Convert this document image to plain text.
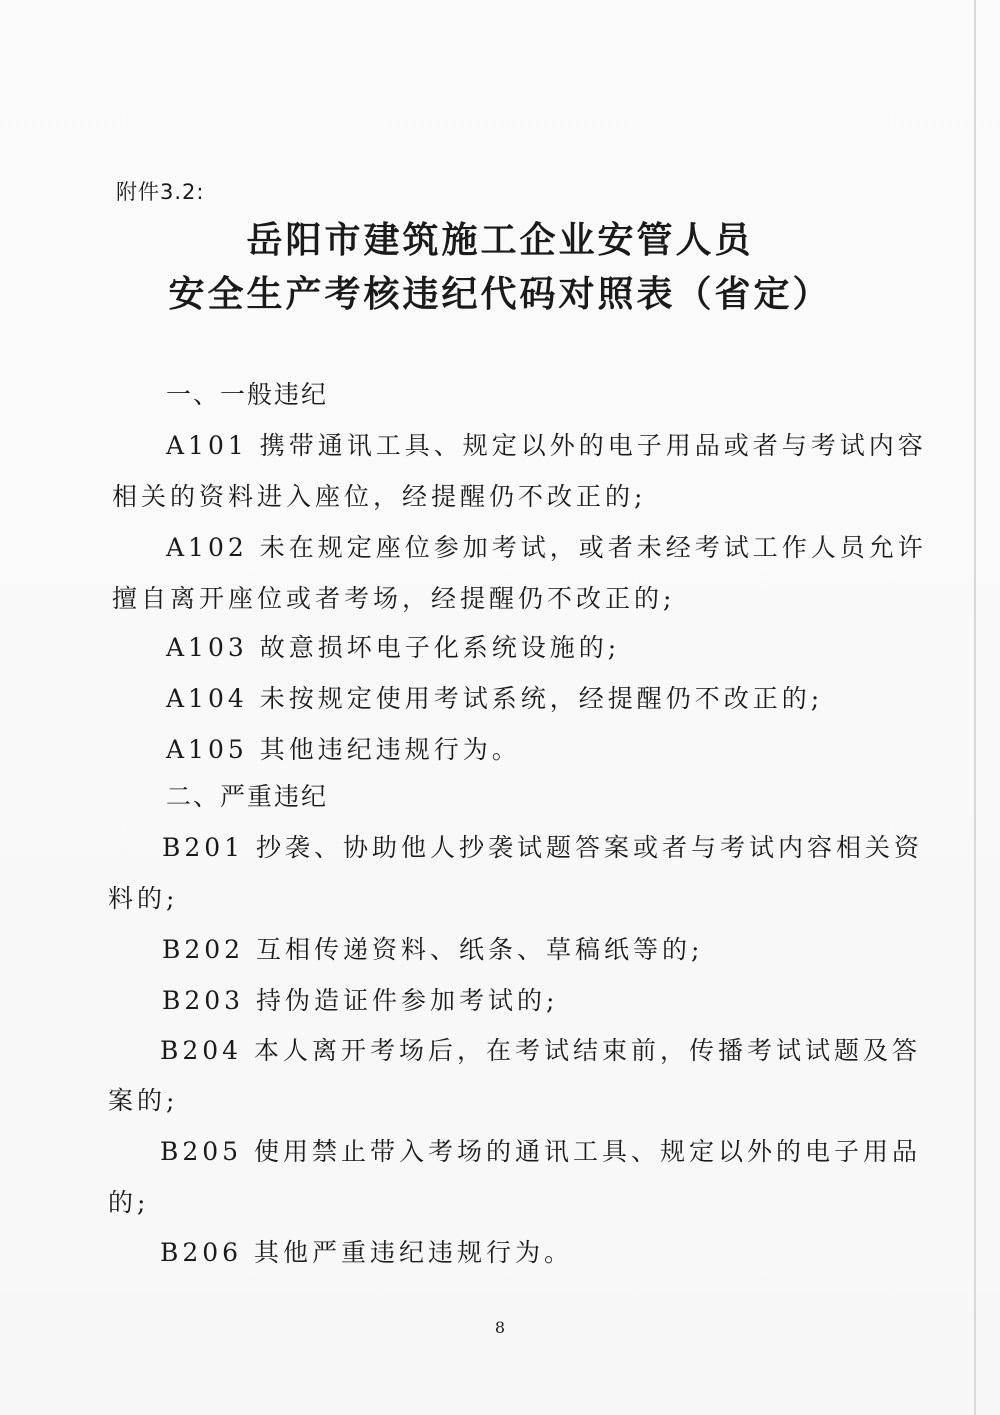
附件3.2:
岳阳市建筑施工企业安管人员
安全生产考核违纪代码对照表（省定）
一、一般违纪
A101 携带通讯工具、规定以外的电子用品或者与考试内容
相关的资料进入座位，经提醒仍不改正的;
A102 未在规定座位参加考试，或者未经考试工作人员允许
擅自离开座位或者考场，经提醒仍不改正的;
A103 故意损坏电子化系统设施的;
A104 未按规定使用考试系统，经提醒仍不改正的;
A105 其他违纪违规行为。
二、严重违纪
B201 抄袭、协助他人抄袭试题答案或者与考试内容相关资
料的;
B202 互相传递资料、纸条、草稿纸等的;
B203 持伪造证件参加考试的;
B204 本人离开考场后，在考试结束前，传播考试试题及答
案的;
B205 使用禁止带入考场的通讯工具、规定以外的电子用品
的;
B206 其他严重违纪违规行为。
8
